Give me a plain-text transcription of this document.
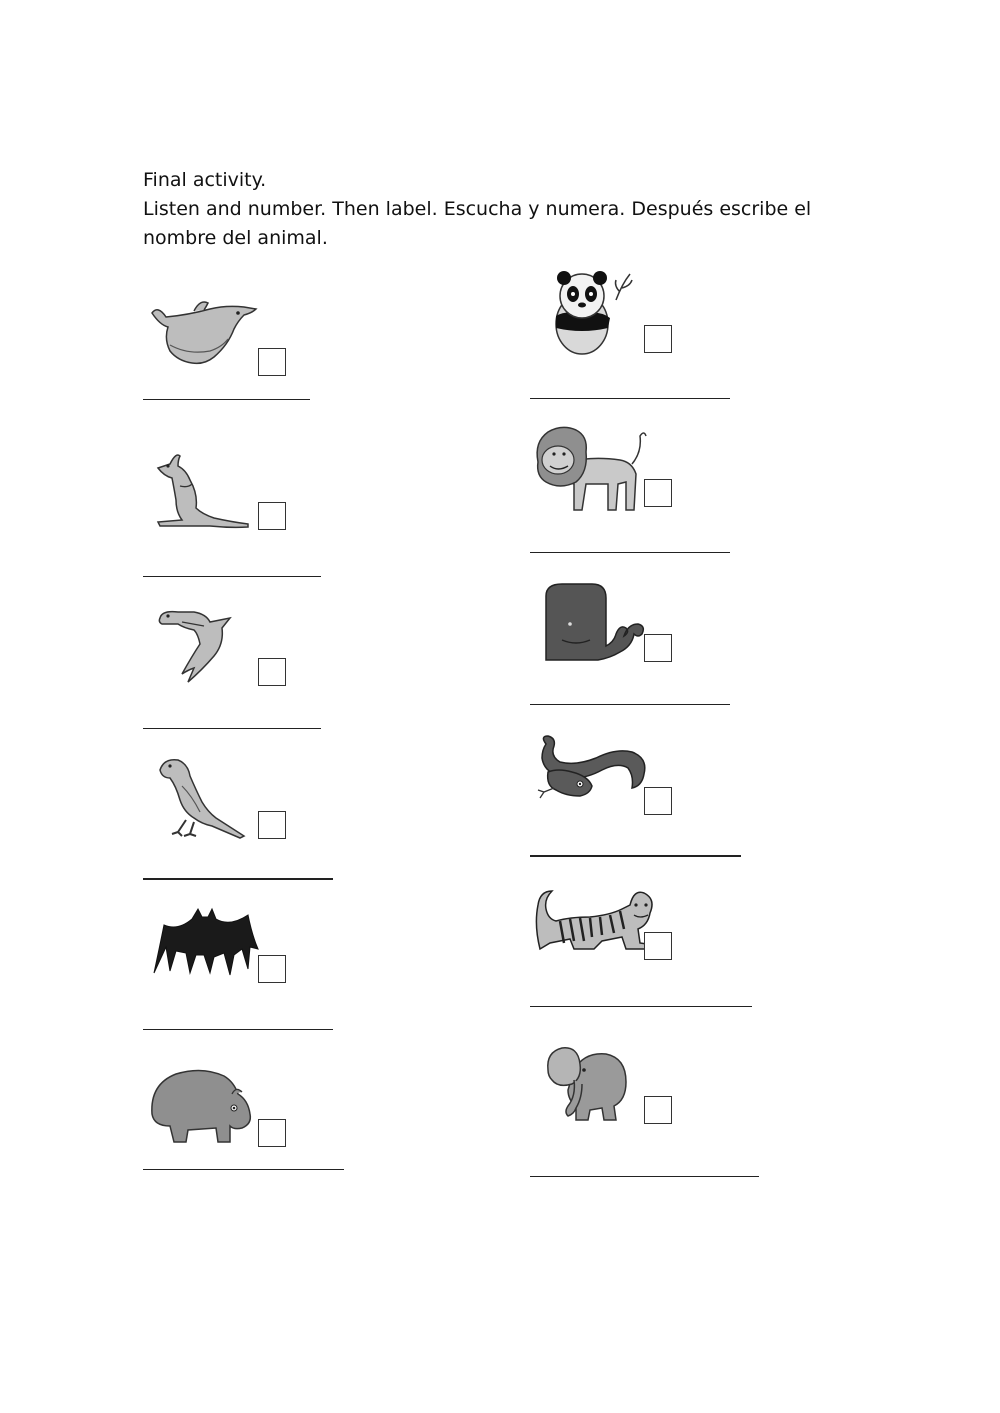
Final activity.

Listen and number. Then label. Escucha y numera. Después escribe el nombre del animal.
